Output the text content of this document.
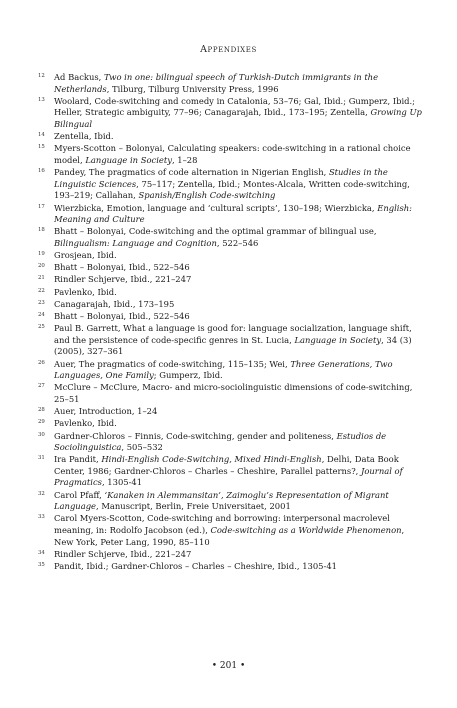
Appendixes
12 Ad Backus, Two in one: bilingual speech of Turkish-Dutch immigrants in the Netherlands, Tilburg, Tilburg University Press, 1996
13 Woolard, Code-switching and comedy in Catalonia, 53–76; Gal, Ibid.; Gumperz, Ibid.; Heller, Strategic ambiguity, 77–96; Canagarajah, Ibid., 173–195; Zentella, Growing Up Bilingual
14 Zentella, Ibid.
15 Myers-Scotton – Bolonyai, Calculating speakers: code-switching in a rational choice model, Language in Society, 1–28
16 Pandey, The pragmatics of code alternation in Nigerian English, Studies in the Linguistic Sciences, 75–117; Zentella, Ibid.; Montes-Alcala, Written code-switching, 193–219; Callahan, Spanish/English Code-switching
17 Wierzbicka, Emotion, language and ‘cultural scripts’, 130–198; Wierzbicka, English: Meaning and Culture
18 Bhatt – Bolonyai, Code-switching and the optimal grammar of bilingual use, Bilingualism: Language and Cognition, 522–546
19 Grosjean, Ibid.
20 Bhatt – Bolonyai, Ibid., 522–546
21 Rindler Schjerve, Ibid., 221–247
22 Pavlenko, Ibid.
23 Canagarajah, Ibid., 173–195
24 Bhatt – Bolonyai, Ibid., 522–546
25 Paul B. Garrett, What a language is good for: language socialization, language shift, and the persistence of code-specific genres in St. Lucia, Language in Society, 34 (3) (2005), 327–361
26 Auer, The pragmatics of code-switching, 115–135; Wei, Three Generations, Two Languages, One Family; Gumperz, Ibid.
27 McClure – McClure, Macro- and micro-sociolinguistic dimensions of code-switching, 25–51
28 Auer, Introduction, 1–24
29 Pavlenko, Ibid.
30 Gardner-Chloros – Finnis, Code-switching, gender and politeness, Estudios de Sociolinguistica, 505–532
31 Ira Pandit, Hindi-English Code-Switching, Mixed Hindi-English, Delhi, Data Book Center, 1986; Gardner-Chloros – Charles – Cheshire, Parallel patterns?, Journal of Pragmatics, 1305-41
32 Carol Pfaff, ‘Kanaken in Alemmansitan’, Zaimoglu’s Representation of Migrant Language, Manuscript, Berlin, Freie Universitaet, 2001
33 Carol Myers-Scotton, Code-switching and borrowing: interpersonal macrolevel meaning, in: Rodolfo Jacobson (ed.), Code-switching as a Worldwide Phenomenon, New York, Peter Lang, 1990, 85–110
34 Rindler Schjerve, Ibid., 221–247
35 Pandit, Ibid.; Gardner-Chloros – Charles – Cheshire, Ibid., 1305-41
• 201 •
